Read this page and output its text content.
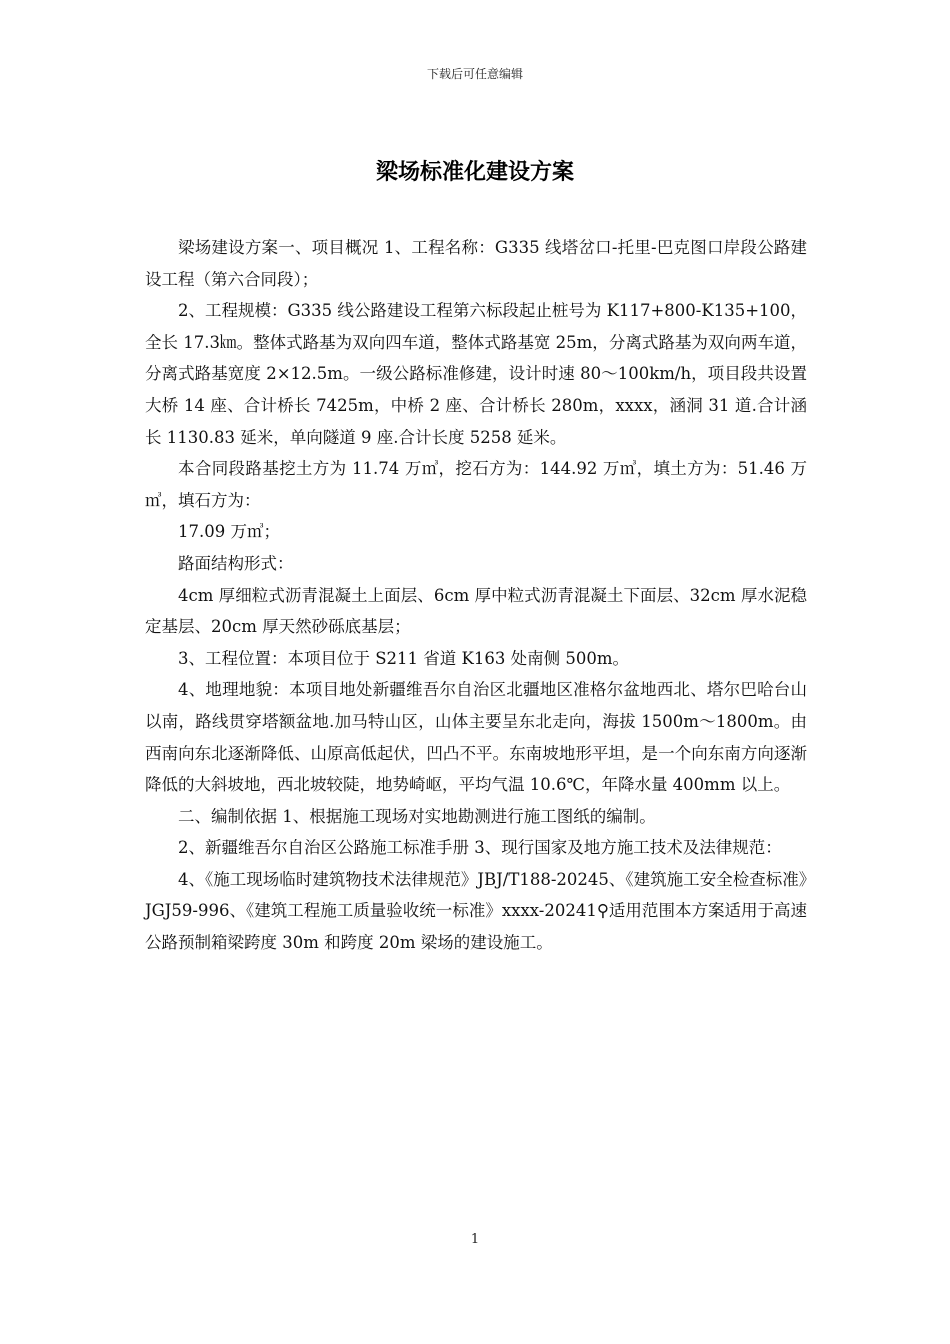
下载后可任意编辑
梁场标准化建设方案

梁场建设方案一、项目概况 1、工程名称：G335 线塔岔口-托里-巴克图口岸段公路建设工程（第六合同段）；

2、工程规模：G335 线公路建设工程第六标段起止桩号为 K117+800-K135+100，全长 17.3㎞。整体式路基为双向四车道，整体式路基宽 25m，分离式路基为双向两车道，分离式路基宽度 2×12.5m。一级公路标准修建，设计时速 80～100km/h，项目段共设置大桥 14 座、合计桥长 7425m，中桥 2 座、合计桥长 280m，xxxx，涵洞 31 道.合计涵长 1130.83 延米，单向隧道 9 座.合计长度 5258 延米。

本合同段路基挖土方为 11.74 万㎥，挖石方为：144.92 万㎥，填土方为：51.46 万㎥，填石方为：

17.09 万㎥；

路面结构形式：

4cm 厚细粒式沥青混凝土上面层、6cm 厚中粒式沥青混凝土下面层、32cm 厚水泥稳定基层、20cm 厚天然砂砾底基层；

3、工程位置：本项目位于 S211 省道 K163 处南侧 500m。

4、地理地貌：本项目地处新疆维吾尔自治区北疆地区准格尔盆地西北、塔尔巴哈台山以南，路线贯穿塔额盆地.加马特山区，山体主要呈东北走向，海拔 1500m～1800m。由西南向东北逐渐降低、山原高低起伏，凹凸不平。东南坡地形平坦，是一个向东南方向逐渐降低的大斜坡地，西北坡较陡，地势崎岖，平均气温 10.6℃，年降水量 400mm 以上。

二、编制依据 1、根据施工现场对实地勘测进行施工图纸的编制。

2、新疆维吾尔自治区公路施工标准手册 3、现行国家及地方施工技术及法律规范：

4、《施工现场临时建筑物技术法律规范》JBJ/T188-20245、《建筑施工安全检查标准》JGJ59-996、《建筑工程施工质量验收统一标准》xxxx-20241⚲适用范围本方案适用于高速公路预制箱梁跨度 30m 和跨度 20m 梁场的建设施工。

1
